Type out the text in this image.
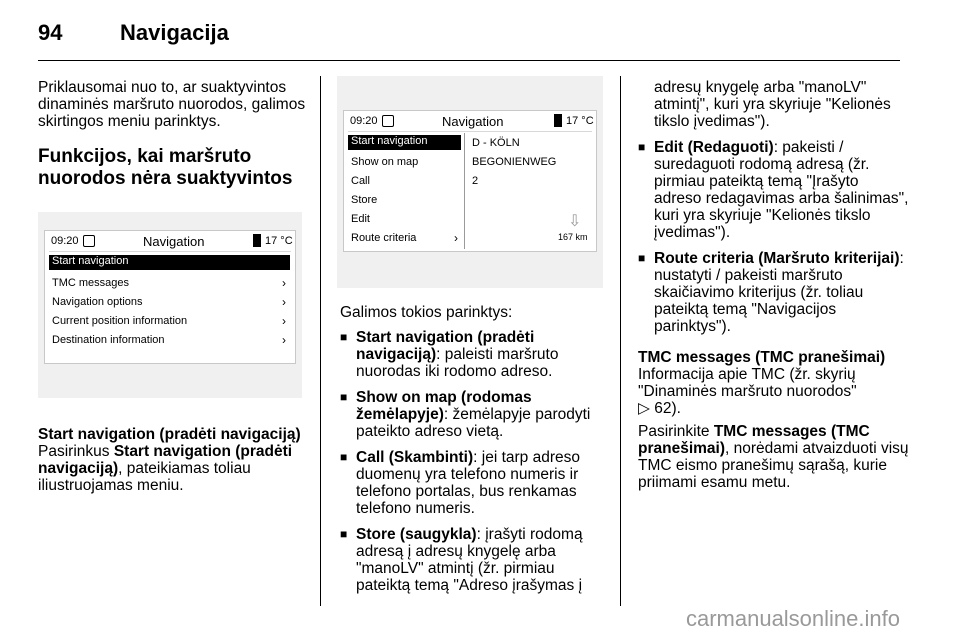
94	Navigacija

Priklausomai nuo to, ar suaktyvintos dinaminės maršruto nuorodos, galimos skirtingos meniu parinktys.

Funkcijos, kai maršruto nuorodos nėra suaktyvintos

09:20	Navigation	17 °C
Start navigation
TMC messages
Navigation options
Current position information
Destination information
›
›
›
›

Start navigation (pradėti navigaciją)

Pasirinkus Start navigation (pradėti navigaciją), pateikiamas toliau iliustruojamas meniu.

09:20	Navigation	17 °C
Start navigation
Show on map
Call
Store
Edit
Route criteria	›
D - KÖLN
BEGONIENWEG
2
⇩
167 km

Galimos tokios parinktys:

■ Start navigation (pradėti navigaciją): paleisti maršruto nuorodas iki rodomo adreso.
■ Show on map (rodomas žemėlapyje): žemėlapyje parodyti pateikto adreso vietą.
■ Call (Skambinti): jei tarp adreso duomenų yra telefono numeris ir telefono portalas, bus renkamas telefono numeris.
■ Store (saugykla): įrašyti rodomą adresą į adresų knygelę arba "manoLV" atmintį (žr. pirmiau pateiktą temą "Adreso įrašymas į

adresų knygelę arba "manoLV" atmintį", kuri yra skyriuje "Kelionės tikslo įvedimas").

■ Edit (Redaguoti): pakeisti / suredaguoti rodomą adresą (žr. pirmiau pateiktą temą "Įrašyto adreso redagavimas arba šalinimas", kuri yra skyriuje "Kelionės tikslo įvedimas").
■ Route criteria (Maršruto kriterijai): nustatyti / pakeisti maršruto skaičiavimo kriterijus (žr. toliau pateiktą temą "Navigacijos parinktys").

TMC messages (TMC pranešimai)

Informacija apie TMC (žr. skyrių "Dinaminės maršruto nuorodos"
▷ 62).

Pasirinkite TMC messages (TMC pranešimai), norėdami atvaizduoti visų TMC eismo pranešimų sąrašą, kurie priimami esamu metu.

carmanualsonline.info
